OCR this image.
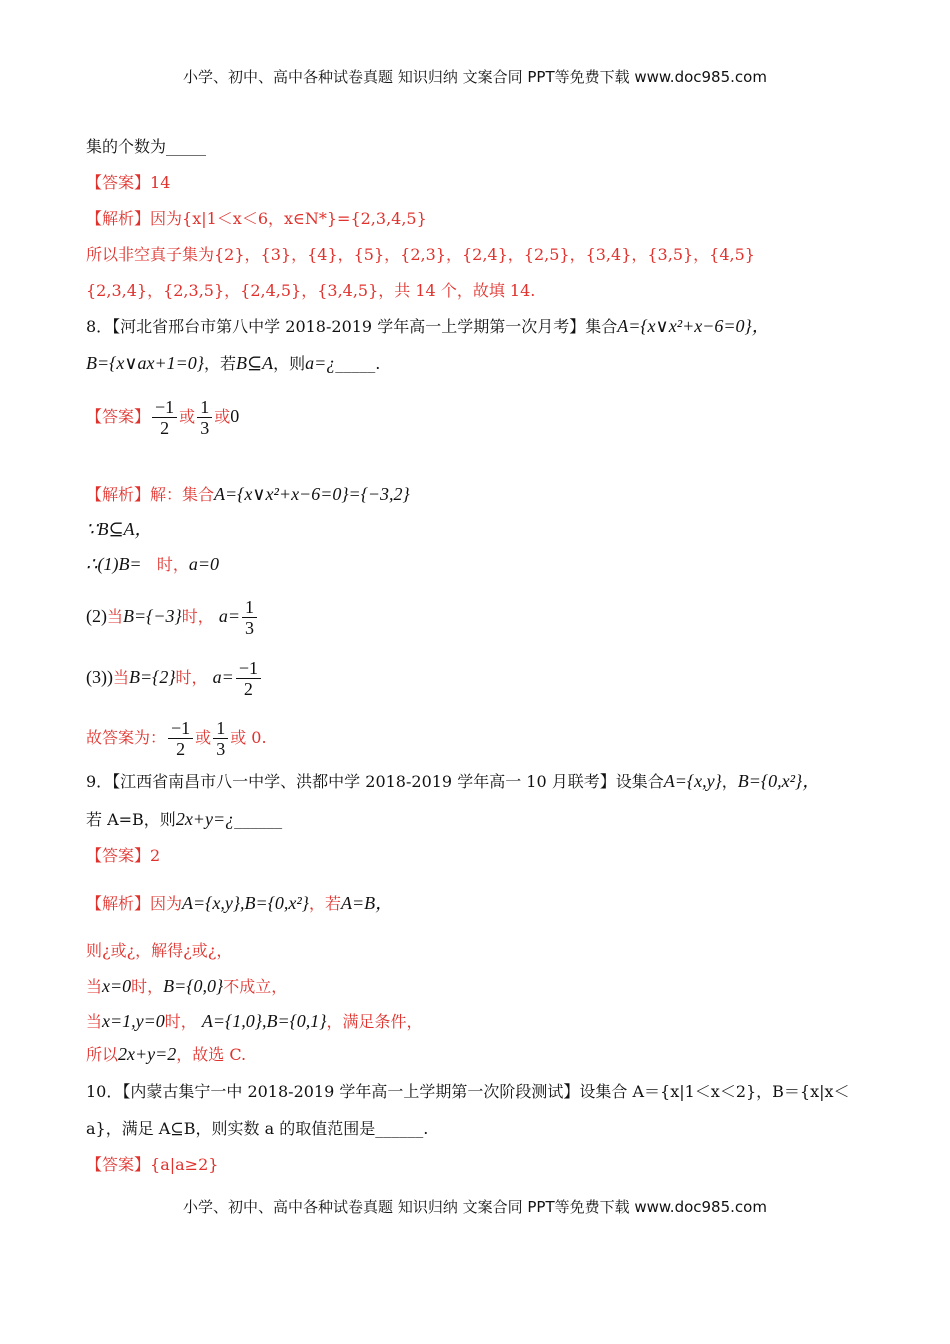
小学、初中、高中各种试卷真题 知识归纳 文案合同 PPT等免费下载 www.doc985.com
集的个数为_____
【答案】14
【解析】因为{x|1＜x＜6，x∈N*}={2,3,4,5}
所以非空真子集为{2}，{3}，{4}，{5}，{2,3}，{2,4}，{2,5}，{3,4}，{3,5}，{4,5}
{2,3,4}，{2,3,5}，{2,4,5}，{3,4,5}，共 14 个，故填 14.
8．【河北省邢台市第八中学 2018-2019 学年高一上学期第一次月考】集合A={x∨x²+x−6=0}，
B={x∨ax+1=0}，若B⊆A，则a=¿_____.
【答案】 $\frac{-1}{2}$ 或 $\frac{1}{3}$ 或0
【解析】解：集合A={x∨x²+x−6=0}={−3,2}
∵B⊆A，
∴(1)B= 时，a=0
(2)当B={−3}时， $a= \frac{1}{3}$
(3))当B={2}时， $a= \frac{-1}{2}$
故答案为： $\frac{-1}{2}$ 或 $\frac{1}{3}$ 或 0.
9．【江西省南昌市八一中学、洪都中学 2018-2019 学年高一 10 月联考】设集合A={x,y}，B={0,x²}，
若 A=B，则2x+y=¿______
【答案】2
【解析】因为A={x,y},B={0,x²}，若A=B，
则¿或¿，解得¿或¿，
当x=0时，B={0,0}不成立，
当x=1,y=0时， A={1,0},B={0,1}，满足条件，
所以2x+y=2，故选 C.
10．【内蒙古集宁一中 2018-2019 学年高一上学期第一次阶段测试】设集合 A＝{x|1＜x＜2}，B＝{x|x＜
a}，满足 A⊆B，则实数 a 的取值范围是______.
【答案】{a|a≥2}
小学、初中、高中各种试卷真题 知识归纳 文案合同 PPT等免费下载 www.doc985.com
